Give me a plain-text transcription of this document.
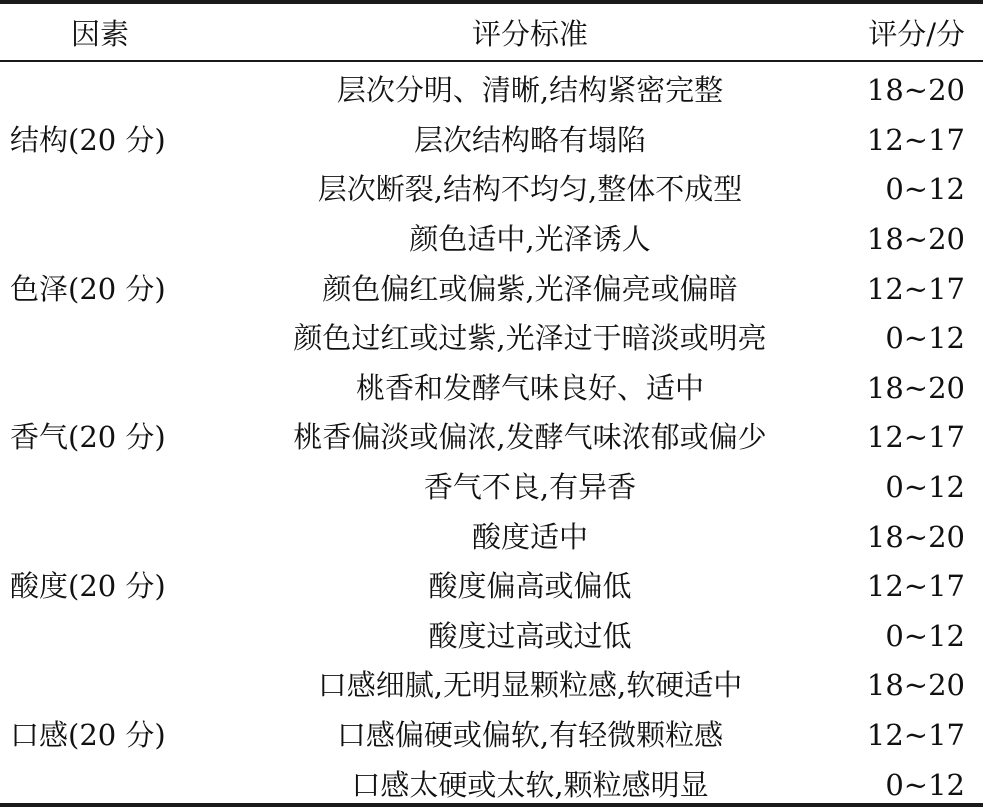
因素	评分标准	评分/分

结构(20 分)	层次分明、清晰,结构紧密完整	18~20
	层次结构略有塌陷	12~17
	层次断裂,结构不均匀,整体不成型	0~12
色泽(20 分)	颜色适中,光泽诱人	18~20
	颜色偏红或偏紫,光泽偏亮或偏暗	12~17
	颜色过红或过紫,光泽过于暗淡或明亮	0~12
香气(20 分)	桃香和发酵气味良好、适中	18~20
	桃香偏淡或偏浓,发酵气味浓郁或偏少	12~17
	香气不良,有异香	0~12
酸度(20 分)	酸度适中	18~20
	酸度偏高或偏低	12~17
	酸度过高或过低	0~12
口感(20 分)	口感细腻,无明显颗粒感,软硬适中	18~20
	口感偏硬或偏软,有轻微颗粒感	12~17
	口感太硬或太软,颗粒感明显	0~12
